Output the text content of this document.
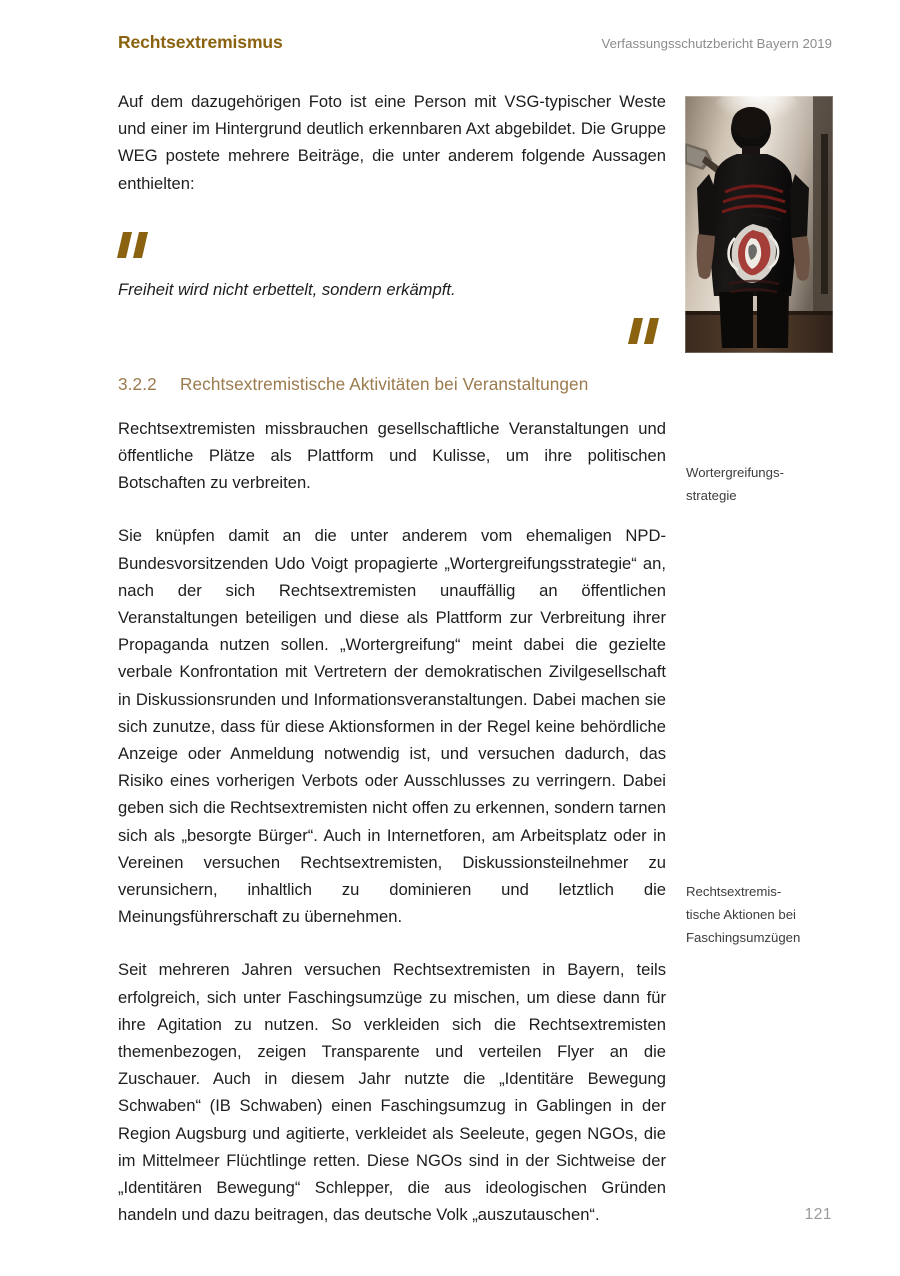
Rechtsextremismus	Verfassungsschutzbericht Bayern 2019

Auf dem dazugehörigen Foto ist eine Person mit VSG-typischer Weste und einer im Hintergrund deutlich erkennbaren Axt abgebildet. Die Gruppe WEG postete mehrere Beiträge, die unter anderem folgende Aussagen enthielten:

Freiheit wird nicht erbettelt, sondern erkämpft.
3.2.2 Rechtsextremistische Aktivitäten bei Veranstaltungen

Rechtsextremisten missbrauchen gesellschaftliche Veranstaltungen und öffentliche Plätze als Plattform und Kulisse, um ihre politischen Botschaften zu verbreiten.

Sie knüpfen damit an die unter anderem vom ehemaligen NPD-Bundesvorsitzenden Udo Voigt propagierte „Wortergreifungsstrategie“ an, nach der sich Rechtsextremisten unauffällig an öffentlichen Veranstaltungen beteiligen und diese als Plattform zur Verbreitung ihrer Propaganda nutzen sollen. „Wortergreifung“ meint dabei die gezielte verbale Konfrontation mit Vertretern der demokratischen Zivilgesellschaft in Diskussionsrunden und Informationsveranstaltungen. Dabei machen sie sich zunutze, dass für diese Aktionsformen in der Regel keine behördliche Anzeige oder Anmeldung notwendig ist, und versuchen dadurch, das Risiko eines vorherigen Verbots oder Ausschlusses zu verringern. Dabei geben sich die Rechtsextremisten nicht offen zu erkennen, sondern tarnen sich als „besorgte Bürger“. Auch in Internetforen, am Arbeitsplatz oder in Vereinen versuchen Rechtsextremisten, Diskussionsteilnehmer zu verunsichern, inhaltlich zu dominieren und letztlich die Meinungsführerschaft zu übernehmen.

Seit mehreren Jahren versuchen Rechtsextremisten in Bayern, teils erfolgreich, sich unter Faschingsumzüge zu mischen, um diese dann für ihre Agitation zu nutzen. So verkleiden sich die Rechtsextremisten themenbezogen, zeigen Transparente und verteilen Flyer an die Zuschauer. Auch in diesem Jahr nutzte die „Identitäre Bewegung Schwaben“ (IB Schwaben) einen Faschingsumzug in Gablingen in der Region Augsburg und agitierte, verkleidet als Seeleute, gegen NGOs, die im Mittelmeer Flüchtlinge retten. Diese NGOs sind in der Sichtweise der „Identitären Bewegung“ Schlepper, die aus ideologischen Gründen handeln und dazu beitragen, das deutsche Volk „auszutauschen“.

Wortergreifungs-
strategie
Rechtsextremis-
tische Aktionen bei
Faschingsumzügen
121
